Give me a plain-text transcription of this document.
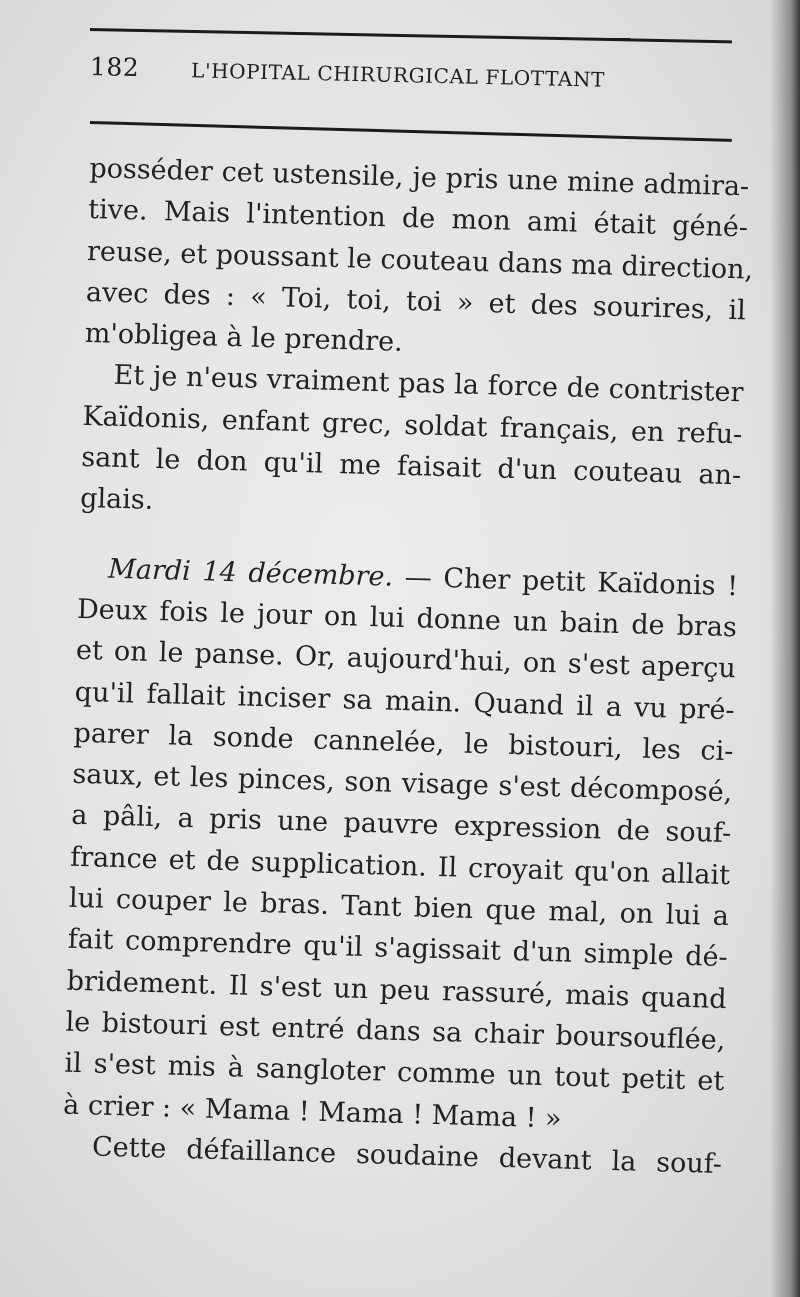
182	L'HOPITAL CHIRURGICAL FLOTTANT
posséder cet ustensile, je pris une mine admira-
tive. Mais l'intention de mon ami était géné-
reuse, et poussant le couteau dans ma direction,
avec des : « Toi, toi, toi » et des sourires, il
m'obligea à le prendre.
Et je n'eus vraiment pas la force de contrister
Kaïdonis, enfant grec, soldat français, en refu-
sant le don qu'il me faisait d'un couteau an-
glais.
Mardi 14 décembre. — Cher petit Kaïdonis !
Deux fois le jour on lui donne un bain de bras
et on le panse. Or, aujourd'hui, on s'est aperçu
qu'il fallait inciser sa main. Quand il a vu pré-
parer la sonde cannelée, le bistouri, les ci-
saux, et les pinces, son visage s'est décomposé,
a pâli, a pris une pauvre expression de souf-
france et de supplication. Il croyait qu'on allait
lui couper le bras. Tant bien que mal, on lui a
fait comprendre qu'il s'agissait d'un simple dé-
bridement. Il s'est un peu rassuré, mais quand
le bistouri est entré dans sa chair boursouflée,
il s'est mis à sangloter comme un tout petit et
à crier : « Mama ! Mama ! Mama ! »
Cette défaillance soudaine devant la souf-
